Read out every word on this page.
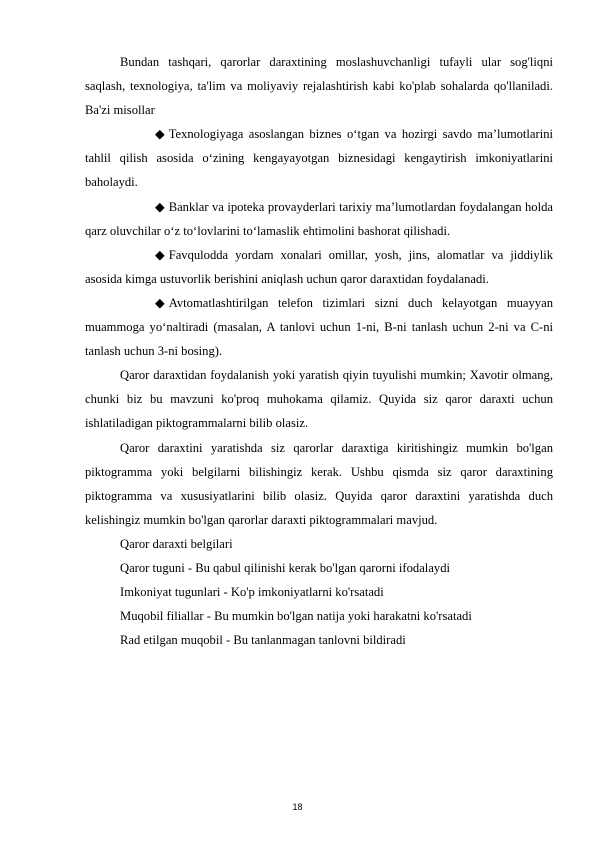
Bundan tashqari, qarorlar daraxtining moslashuvchanligi tufayli ular sog'liqni saqlash, texnologiya, ta'lim va moliyaviy rejalashtirish kabi ko'plab sohalarda qo'llaniladi. Ba'zi misollar

◆ Texnologiyaga asoslangan biznes oʻtgan va hozirgi savdo maʼlumotlarini tahlil qilish asosida oʻzining kengayayotgan biznesidagi kengaytirish imkoniyatlarini baholaydi.

◆ Banklar va ipoteka provayderlari tarixiy maʼlumotlardan foydalangan holda qarz oluvchilar oʻz toʻlovlarini toʻlamaslik ehtimolini bashorat qilishadi.

◆ Favqulodda yordam xonalari omillar, yosh, jins, alomatlar va jiddiylik asosida kimga ustuvorlik berishini aniqlash uchun qaror daraxtidan foydalanadi.

◆ Avtomatlashtirilgan telefon tizimlari sizni duch kelayotgan muayyan muammoga yoʻnaltiradi (masalan, A tanlovi uchun 1-ni, B-ni tanlash uchun 2-ni va C-ni tanlash uchun 3-ni bosing).

Qaror daraxtidan foydalanish yoki yaratish qiyin tuyulishi mumkin; Xavotir olmang, chunki biz bu mavzuni ko'proq muhokama qilamiz. Quyida siz qaror daraxti uchun ishlatiladigan piktogrammalarni bilib olasiz.

Qaror daraxtini yaratishda siz qarorlar daraxtiga kiritishingiz mumkin bo'lgan piktogramma yoki belgilarni bilishingiz kerak. Ushbu qismda siz qaror daraxtining piktogramma va xususiyatlarini bilib olasiz. Quyida qaror daraxtini yaratishda duch kelishingiz mumkin bo'lgan qarorlar daraxti piktogrammalari mavjud.

Qaror daraxti belgilari

Qaror tuguni - Bu qabul qilinishi kerak bo'lgan qarorni ifodalaydi

Imkoniyat tugunlari - Ko'p imkoniyatlarni ko'rsatadi

Muqobil filiallar - Bu mumkin bo'lgan natija yoki harakatni ko'rsatadi

Rad etilgan muqobil - Bu tanlanmagan tanlovni bildiradi

18
